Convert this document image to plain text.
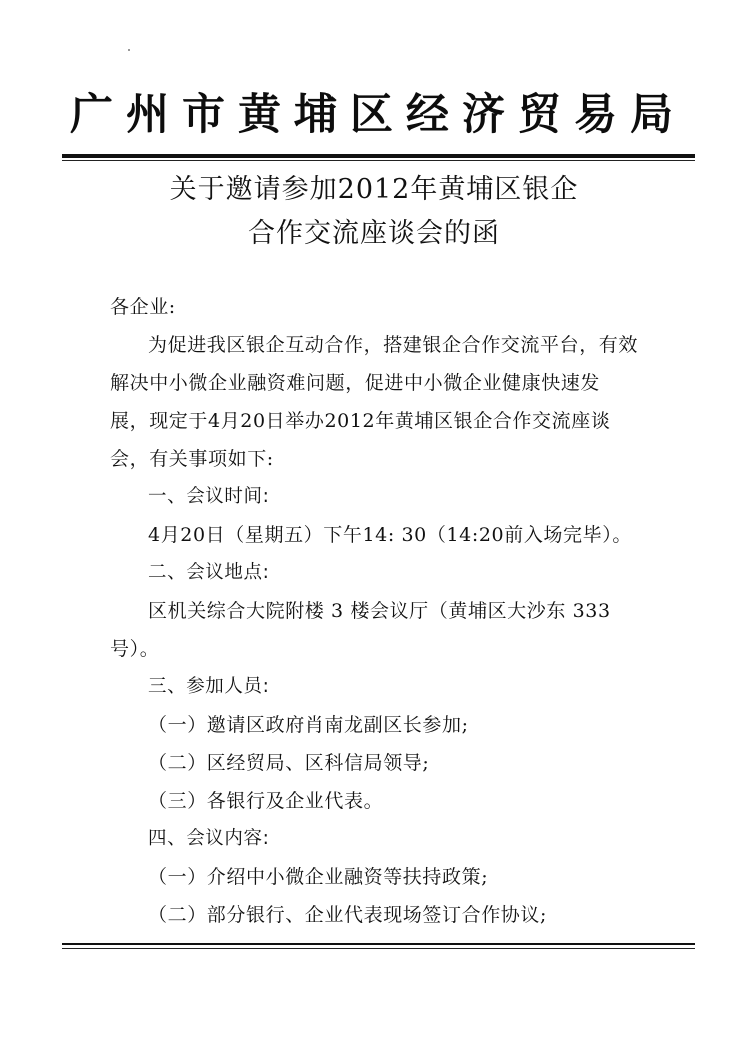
广州市黄埔区经济贸易局
关于邀请参加2012年黄埔区银企
合作交流座谈会的函

各企业:

为促进我区银企互动合作，搭建银企合作交流平台，有效解决中小微企业融资难问题，促进中小微企业健康快速发展，现定于4月20日举办2012年黄埔区银企合作交流座谈会，有关事项如下:

一、会议时间:

4月20日（星期五）下午14: 30（14:20前入场完毕）。

二、会议地点:

区机关综合大院附楼 3 楼会议厅（黄埔区大沙东 333号）。

三、参加人员:

（一）邀请区政府肖南龙副区长参加;

（二）区经贸局、区科信局领导;

（三）各银行及企业代表。

四、会议内容:

（一）介绍中小微企业融资等扶持政策;

（二）部分银行、企业代表现场签订合作协议;
